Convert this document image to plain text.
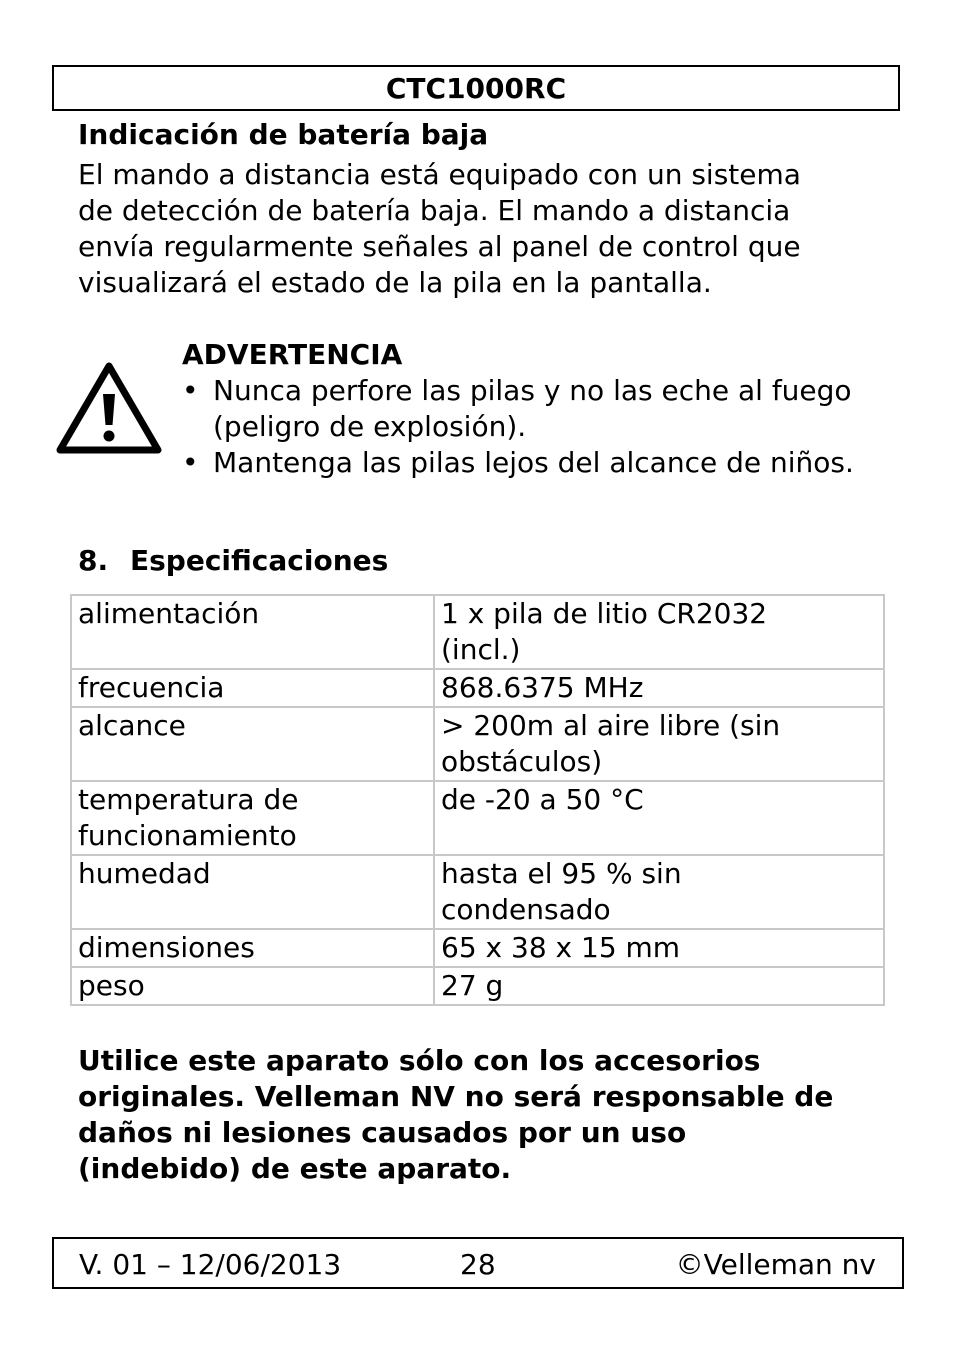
CTC1000RC
Indicación de batería baja
El mando a distancia está equipado con un sistema
de detección de batería baja. El mando a distancia
envía regularmente señales al panel de control que
visualizará el estado de la pila en la pantalla.
ADVERTENCIA
• Nunca perfore las pilas y no las eche al fuego
(peligro de explosión).
• Mantenga las pilas lejos del alcance de niños.
8. Especificaciones
alimentación	1 x pila de litio CR2032
(incl.)

frecuencia	868.6375 MHz

alcance	> 200m al aire libre (sin
obstáculos)

temperatura de
funcionamiento	de -20 a 50 °C

humedad	hasta el 95 % sin
condensado

dimensiones	65 x 38 x 15 mm

peso	27 g
Utilice este aparato sólo con los accesorios
originales. Velleman NV no será responsable de
daños ni lesiones causados por un uso
(indebido) de este aparato.
V. 01 – 12/06/2013	28	©Velleman nv
